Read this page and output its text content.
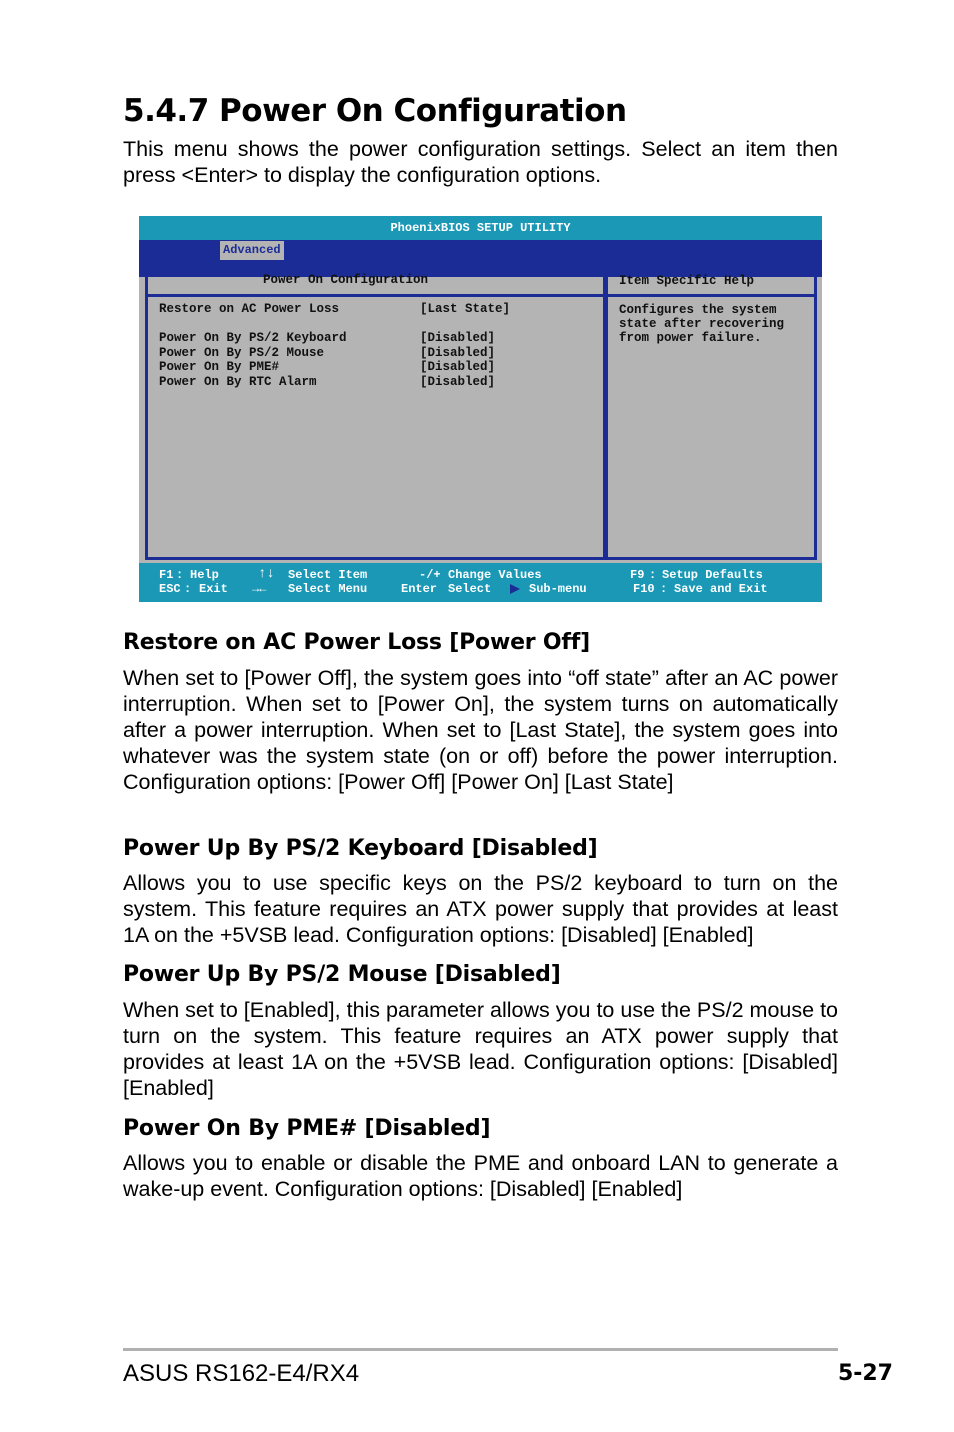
5.4.7 Power On Configuration

This menu shows the power configuration settings. Select an item then press <Enter> to display the configuration options.

PhoenixBIOS SETUP UTILITY
Advanced
Power On Configuration
Restore on AC Power Loss	[Last State]
Power On By PS/2 Keyboard	[Disabled]
Power On By PS/2 Mouse	[Disabled]
Power On By PME#	[Disabled]
Power On By RTC Alarm	[Disabled]
Item Specific Help
Configures the system
state after recovering
from power failure.
F1 : Help
ESC : Exit
↑↓ Select Item
→← Select Menu
-/+ Change Values
Enter Select	Sub-menu
F9 : Setup Defaults
F10 : Save and Exit
Restore on AC Power Loss [Power Off]

When set to [Power Off], the system goes into “off state” after an AC power interruption. When set to [Power On], the system turns on automatically after a power interruption. When set to [Last State], the system goes into whatever was the system state (on or off) before the power interruption. Configuration options: [Power Off] [Power On] [Last State]

Power Up By PS/2 Keyboard [Disabled]

Allows you to use specific keys on the PS/2 keyboard to turn on the system. This feature requires an ATX power supply that provides at least 1A on the +5VSB lead. Configuration options: [Disabled] [Enabled]

Power Up By PS/2 Mouse [Disabled]

When set to [Enabled], this parameter allows you to use the PS/2 mouse to turn on the system. This feature requires an ATX power supply that provides at least 1A on the +5VSB lead. Configuration options: [Disabled] [Enabled]

Power On By PME# [Disabled]

Allows you to enable or disable the PME and onboard LAN to generate a wake-up event. Configuration options: [Disabled] [Enabled]

ASUS RS162-E4/RX4	5-27
